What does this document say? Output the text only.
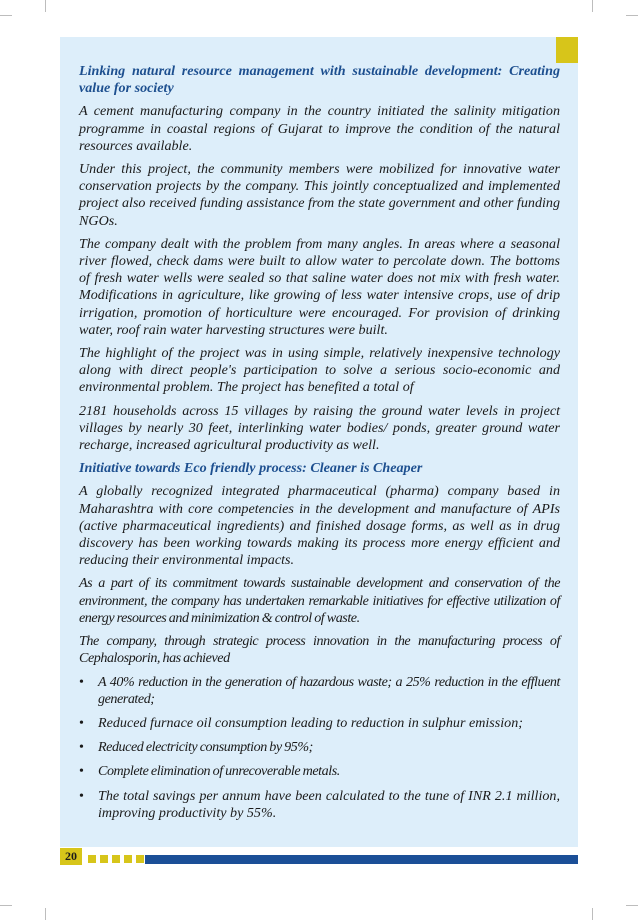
Linking natural resource management with sustainable development: Creating value for society

A cement manufacturing company in the country initiated the salinity mitigation programme in coastal regions of Gujarat to improve the condition of the natural resources available.

Under this project, the community members were mobilized for innovative water conservation projects by the company. This jointly conceptualized and implemented project also received funding assistance from the state government and other funding NGOs.

The company dealt with the problem from many angles. In areas where a seasonal river flowed, check dams were built to allow water to percolate down. The bottoms of fresh water wells were sealed so that saline water does not mix with fresh water. Modifications in agriculture, like growing of less water intensive crops, use of drip irrigation, promotion of horticulture were encouraged. For provision of drinking water, roof rain water harvesting structures were built.

The highlight of the project was in using simple, relatively inexpensive technology along with direct people's participation to solve a serious socio-economic and environmental problem. The project has benefited a total of

2181 households across 15 villages by raising the ground water levels in project villages by nearly 30 feet, interlinking water bodies/ ponds, greater ground water recharge, increased agricultural productivity as well.

Initiative towards Eco friendly process: Cleaner is Cheaper

A globally recognized integrated pharmaceutical (pharma) company based in Maharashtra with core competencies in the development and manufacture of APIs (active pharmaceutical ingredients) and finished dosage forms, as well as in drug discovery has been working towards making its process more energy efficient and reducing their environmental impacts.

As a part of its commitment towards sustainable development and conservation of the environment, the company has undertaken remarkable initiatives for effective utilization of energy resources and minimization & control of waste.

The company, through strategic process innovation in the manufacturing process of Cephalosporin, has achieved

• A 40% reduction in the generation of hazardous waste; a 25% reduction in the effluent generated;
• Reduced furnace oil consumption leading to reduction in sulphur emission;
• Reduced electricity consumption by 95%;
• Complete elimination of unrecoverable metals.
• The total savings per annum have been calculated to the tune of INR 2.1 million, improving productivity by 55%.
20
